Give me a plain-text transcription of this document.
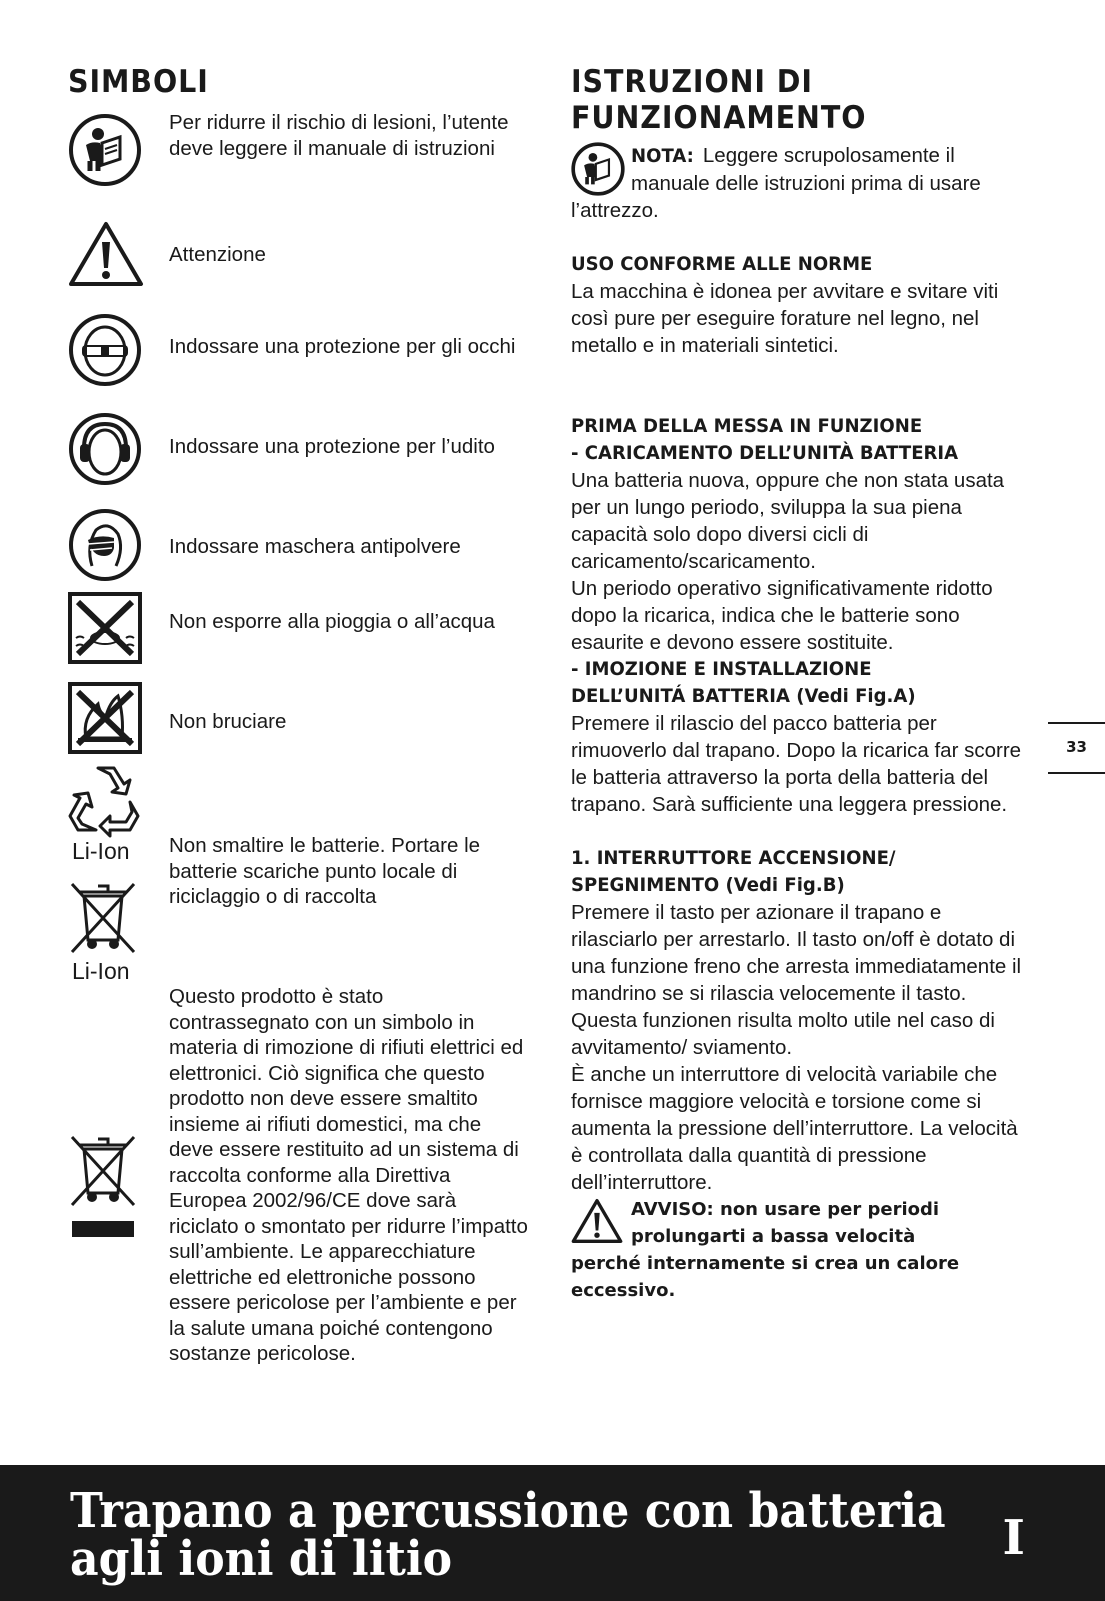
SIMBOLI
Per ridurre il rischio di lesioni, l’utente deve leggere il manuale di istruzioni
Attenzione
Indossare una protezione per gli occhi
Indossare una protezione per l’udito
Indossare maschera antipolvere
Non esporre alla pioggia o all’acqua
Non bruciare
Li-Ion Non smaltire le batterie. Portare le batterie scariche punto locale di riciclaggio o di raccolta
Li-Ion
Questo prodotto è stato contrassegnato con un simbolo in materia di rimozione di rifiuti elettrici ed elettronici. Ciò significa che questo prodotto non deve essere smaltito insieme ai rifiuti domestici, ma che deve essere restituito ad un sistema di raccolta conforme alla Direttiva Europea 2002/96/CE dove sarà riciclato o smontato per ridurre l’impatto sull’ambiente. Le apparecchiature elettriche ed elettroniche possono essere pericolose per l’ambiente e per la salute umana poiché contengono sostanze pericolose.
ISTRUZIONI DI
FUNZIONAMENTO

NOTA: Leggere scrupolosamente il manuale delle istruzioni prima di usare l’attrezzo.

USO CONFORME ALLE NORME

La macchina è idonea per avvitare e svitare viti così pure per eseguire forature nel legno, nel metallo e in materiali sintetici.

PRIMA DELLA MESSA IN FUNZIONE
- CARICAMENTO DELL’UNITÀ BATTERIA

Una batteria nuova, oppure che non stata usata per un lungo periodo, sviluppa la sua piena capacità solo dopo diversi cicli di caricamento/scaricamento.

Un periodo operativo significativamente ridotto dopo la ricarica, indica che le batterie sono esaurite e devono essere sostituite.

- IMOZIONE E INSTALLAZIONE
DELL’UNITÁ BATTERIA (Vedi Fig.A)

Premere il rilascio del pacco batteria per rimuoverlo dal trapano. Dopo la ricarica far scorre le batteria attraverso la porta della batteria del trapano. Sarà sufficiente una leggera pressione.

1. INTERRUTTORE ACCENSIONE/
SPEGNIMENTO (Vedi Fig.B)

Premere il tasto per azionare il trapano e rilasciarlo per arrestarlo. Il tasto on/off è dotato di una funzione freno che arresta immediatamente il mandrino se si rilascia velocemente il tasto. Questa funzionen risulta molto utile nel caso di avvitamento/ sviamento.

È anche un interruttore di velocità variabile che fornisce maggiore velocità e torsione come si aumenta la pressione dell’interruttore. La velocità è controllata dalla quantità di pressione dell’interruttore.

AVVISO: non usare per periodi
prolungarti a bassa velocità
perché internamente si crea un calore eccessivo.
33
Trapano a percussione con batteria
agli ioni di litio	I
